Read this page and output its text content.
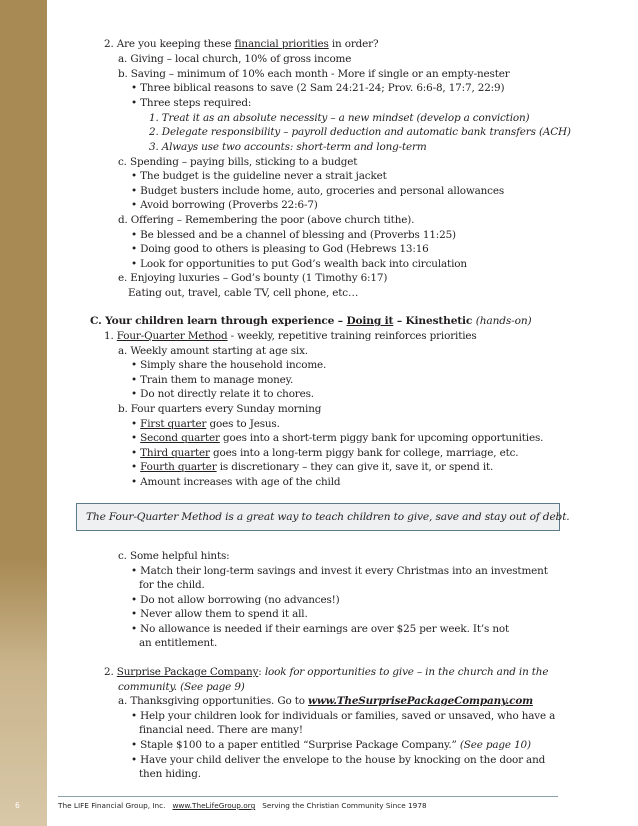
2. Are you keeping these financial priorities in order?
a. Giving – local church, 10% of gross income
b. Saving – minimum of 10% each month - More if single or an empty-nester
• Three biblical reasons to save (2 Sam 24:21-24; Prov. 6:6-8, 17:7, 22:9)
• Three steps required:
1. Treat it as an absolute necessity – a new mindset (develop a conviction)
2. Delegate responsibility – payroll deduction and automatic bank transfers (ACH)
3. Always use two accounts: short-term and long-term
c. Spending – paying bills, sticking to a budget
• The budget is the guideline never a strait jacket
• Budget busters include home, auto, groceries and personal allowances
• Avoid borrowing (Proverbs 22:6-7)
d. Offering – Remembering the poor (above church tithe).
• Be blessed and be a channel of blessing and (Proverbs 11:25)
• Doing good to others is pleasing to God (Hebrews 13:16
• Look for opportunities to put God’s wealth back into circulation
e. Enjoying luxuries – God’s bounty (1 Timothy 6:17)
Eating out, travel, cable TV, cell phone, etc…
C. Your children learn through experience – Doing it – Kinesthetic (hands-on)
1. Four-Quarter Method - weekly, repetitive training reinforces priorities
a. Weekly amount starting at age six.
• Simply share the household income.
• Train them to manage money.
• Do not directly relate it to chores.
b. Four quarters every Sunday morning
• First quarter goes to Jesus.
• Second quarter goes into a short-term piggy bank for upcoming opportunities.
• Third quarter goes into a long-term piggy bank for college, marriage, etc.
• Fourth quarter is discretionary – they can give it, save it, or spend it.
• Amount increases with age of the child
c. Some helpful hints:
• Match their long-term savings and invest it every Christmas into an investment
for the child.
• Do not allow borrowing (no advances!)
• Never allow them to spend it all.
• No allowance is needed if their earnings are over $25 per week. It’s not
an entitlement.
2. Surprise Package Company: look for opportunities to give – in the church and in the
community. (See page 9)
a. Thanksgiving opportunities. Go to www.TheSurprisePackageCompany.com
• Help your children look for individuals or families, saved or unsaved, who have a
financial need. There are many!
• Staple $100 to a paper entitled “Surprise Package Company.” (See page 10)
• Have your child deliver the envelope to the house by knocking on the door and
then hiding.
The Four-Quarter Method is a great way to teach children to give, save and stay out of debt.
6	The LIFE Financial Group, Inc. www.TheLifeGroup.org Serving the Christian Community Since 1978
